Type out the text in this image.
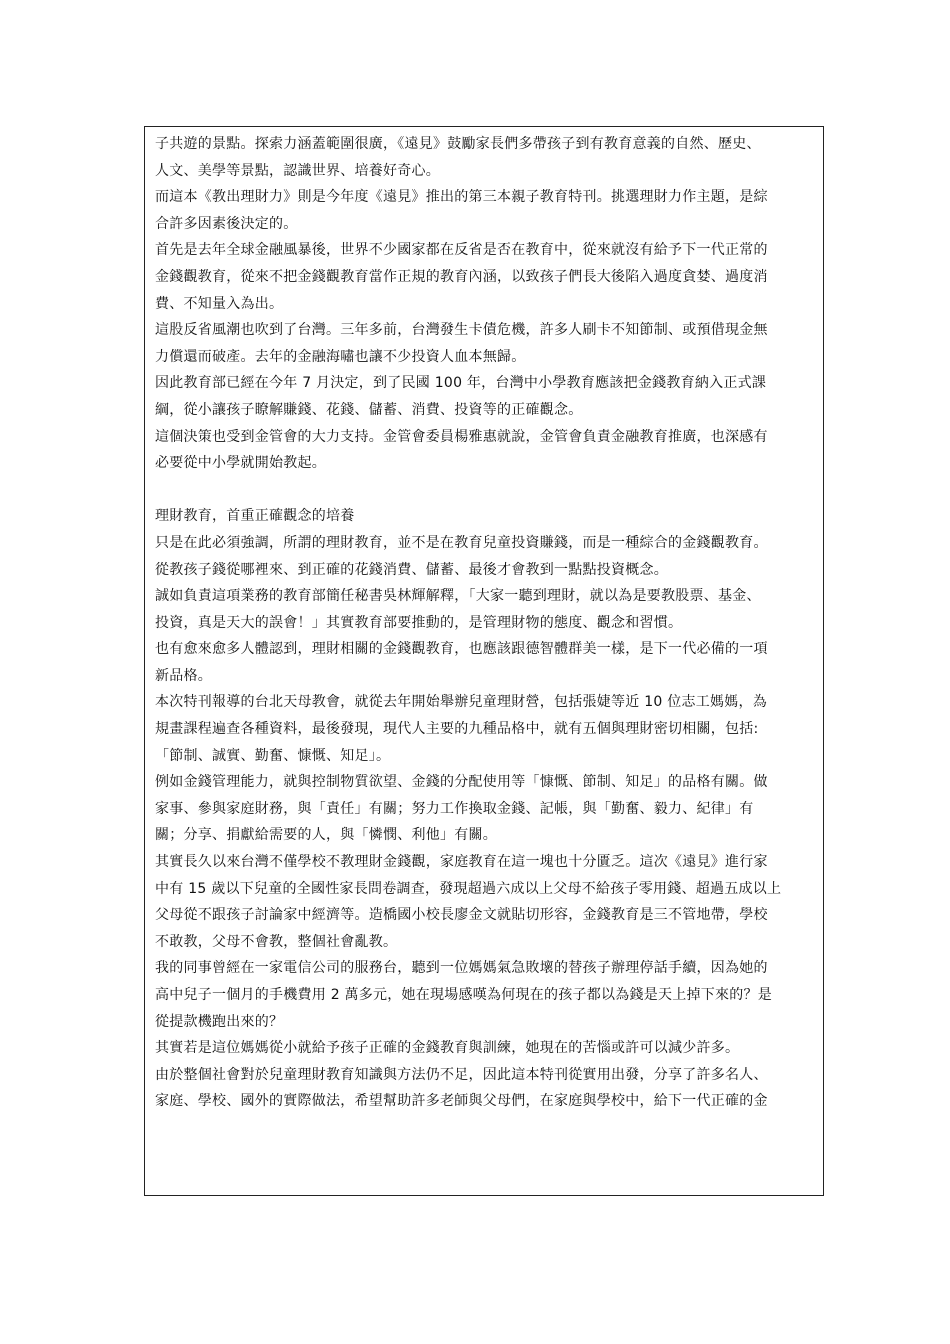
子共遊的景點。探索力涵蓋範圍很廣，《遠見》鼓勵家長們多帶孩子到有教育意義的自然、歷史、
人文、美學等景點，認識世界、培養好奇心。
而這本《教出理財力》則是今年度《遠見》推出的第三本親子教育特刊。挑選理財力作主題，是綜
合許多因素後決定的。
首先是去年全球金融風暴後，世界不少國家都在反省是否在教育中，從來就沒有給予下一代正常的
金錢觀教育，從來不把金錢觀教育當作正規的教育內涵，以致孩子們長大後陷入過度貪婪、過度消
費、不知量入為出。
這股反省風潮也吹到了台灣。三年多前，台灣發生卡債危機，許多人刷卡不知節制、或預借現金無
力償還而破產。去年的金融海嘯也讓不少投資人血本無歸。
因此教育部已經在今年 7 月決定，到了民國 100 年，台灣中小學教育應該把金錢教育納入正式課
綱，從小讓孩子瞭解賺錢、花錢、儲蓄、消費、投資等的正確觀念。
這個決策也受到金管會的大力支持。金管會委員楊雅惠就說，金管會負責金融教育推廣，也深感有
必要從中小學就開始教起。
理財教育，首重正確觀念的培養
只是在此必須強調，所謂的理財教育，並不是在教育兒童投資賺錢，而是一種綜合的金錢觀教育。
從教孩子錢從哪裡來、到正確的花錢消費、儲蓄、最後才會教到一點點投資概念。
誠如負責這項業務的教育部簡任秘書吳林輝解釋，「大家一聽到理財，就以為是要教股票、基金、
投資，真是天大的誤會！」其實教育部要推動的，是管理財物的態度、觀念和習慣。
也有愈來愈多人體認到，理財相關的金錢觀教育，也應該跟德智體群美一樣，是下一代必備的一項
新品格。
本次特刊報導的台北天母教會，就從去年開始舉辦兒童理財營，包括張婕等近 10 位志工媽媽，為
規畫課程遍查各種資料，最後發現，現代人主要的九種品格中，就有五個與理財密切相關，包括:
「節制、誠實、勤奮、慷慨、知足」。
例如金錢管理能力，就與控制物質欲望、金錢的分配使用等「慷慨、節制、知足」的品格有關。做
家事、參與家庭財務，與「責任」有關；努力工作換取金錢、記帳，與「勤奮、毅力、紀律」有
關；分享、捐獻給需要的人，與「憐憫、利他」有關。
其實長久以來台灣不僅學校不教理財金錢觀，家庭教育在這一塊也十分匱乏。這次《遠見》進行家
中有 15 歲以下兒童的全國性家長問卷調查，發現超過六成以上父母不給孩子零用錢、超過五成以上
父母從不跟孩子討論家中經濟等。造橋國小校長廖金文就貼切形容，金錢教育是三不管地帶，學校
不敢教，父母不會教，整個社會亂教。
我的同事曾經在一家電信公司的服務台，聽到一位媽媽氣急敗壞的替孩子辦理停話手續，因為她的
高中兒子一個月的手機費用 2 萬多元，她在現場感嘆為何現在的孩子都以為錢是天上掉下來的？是
從提款機跑出來的？
其實若是這位媽媽從小就給予孩子正確的金錢教育與訓練，她現在的苦惱或許可以減少許多。
由於整個社會對於兒童理財教育知識與方法仍不足，因此這本特刊從實用出發，分享了許多名人、
家庭、學校、國外的實際做法，希望幫助許多老師與父母們，在家庭與學校中，給下一代正確的金
